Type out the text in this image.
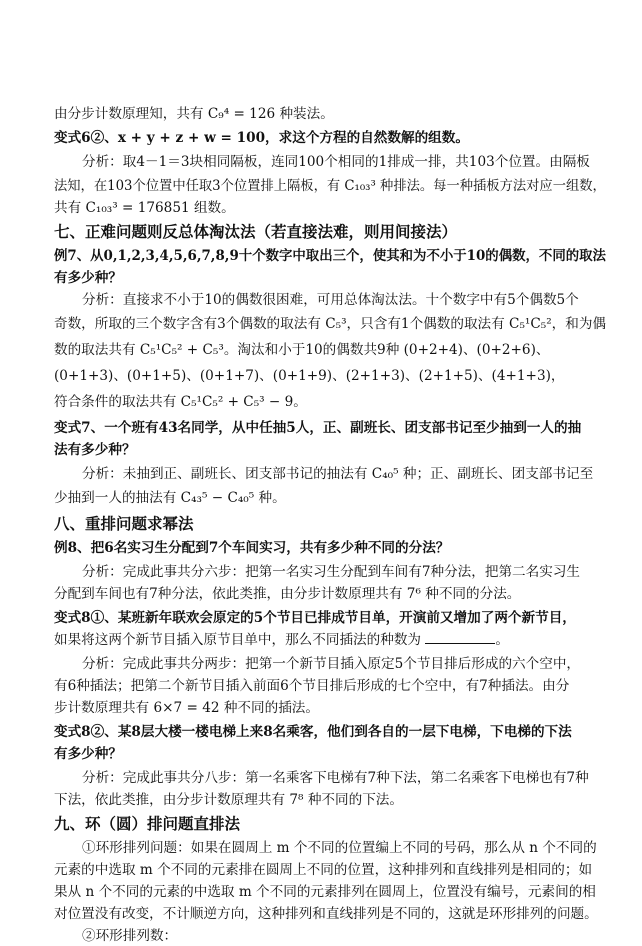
由分步计数原理知，共有 C₉⁴ = 126 种装法。
变式6②、x + y + z + w = 100，求这个方程的自然数解的组数。
分析：取4－1＝3块相同隔板，连同100个相同的1排成一排，共103个位置。由隔板
法知，在103个位置中任取3个位置排上隔板，有 C₁₀₃³ 种排法。每一种插板方法对应一组数，
共有 C₁₀₃³ = 176851 组数。
七、正难问题则反总体淘汰法（若直接法难，则用间接法）
例7、从0,1,2,3,4,5,6,7,8,9十个数字中取出三个，使其和为不小于10的偶数，不同的取法
有多少种？
分析：直接求不小于10的偶数很困难，可用总体淘汰法。十个数字中有5个偶数5个
奇数，所取的三个数字含有3个偶数的取法有 C₅³，只含有1个偶数的取法有 C₅¹C₅²，和为偶
数的取法共有 C₅¹C₅² + C₅³。淘汰和小于10的偶数共9种 (0+2+4)、(0+2+6)、
(0+1+3)、(0+1+5)、(0+1+7)、(0+1+9)、(2+1+3)、(2+1+5)、(4+1+3)，
符合条件的取法共有 C₅¹C₅² + C₅³ − 9。
变式7、一个班有43名同学，从中任抽5人，正、副班长、团支部书记至少抽到一人的抽
法有多少种？
分析：未抽到正、副班长、团支部书记的抽法有 C₄₀⁵ 种；正、副班长、团支部书记至
少抽到一人的抽法有 C₄₃⁵ − C₄₀⁵ 种。
八、重排问题求幂法
例8、把6名实习生分配到7个车间实习，共有多少种不同的分法？
分析：完成此事共分六步：把第一名实习生分配到车间有7种分法，把第二名实习生
分配到车间也有7种分法，依此类推，由分步计数原理共有 7⁶ 种不同的分法。
变式8①、某班新年联欢会原定的5个节目已排成节目单，开演前又增加了两个新节目，
如果将这两个新节目插入原节目单中，那么不同插法的种数为	。
分析：完成此事共分两步：把第一个新节目插入原定5个节目排后形成的六个空中，
有6种插法；把第二个新节目插入前面6个节目排后形成的七个空中，有7种插法。由分
步计数原理共有 6×7 = 42 种不同的插法。
变式8②、某8层大楼一楼电梯上来8名乘客，他们到各自的一层下电梯，下电梯的下法
有多少种？
分析：完成此事共分八步：第一名乘客下电梯有7种下法，第二名乘客下电梯也有7种
下法，依此类推，由分步计数原理共有 7⁸ 种不同的下法。
九、环（圆）排问题直排法
①环形排列问题：如果在圆周上 m 个不同的位置编上不同的号码，那么从 n 个不同的
元素的中选取 m 个不同的元素排在圆周上不同的位置，这种排列和直线排列是相同的；如
果从 n 个不同的元素的中选取 m 个不同的元素排列在圆周上，位置没有编号，元素间的相
对位置没有改变，不计顺逆方向，这种排列和直线排列是不同的，这就是环形排列的问题。
②环形排列数：
